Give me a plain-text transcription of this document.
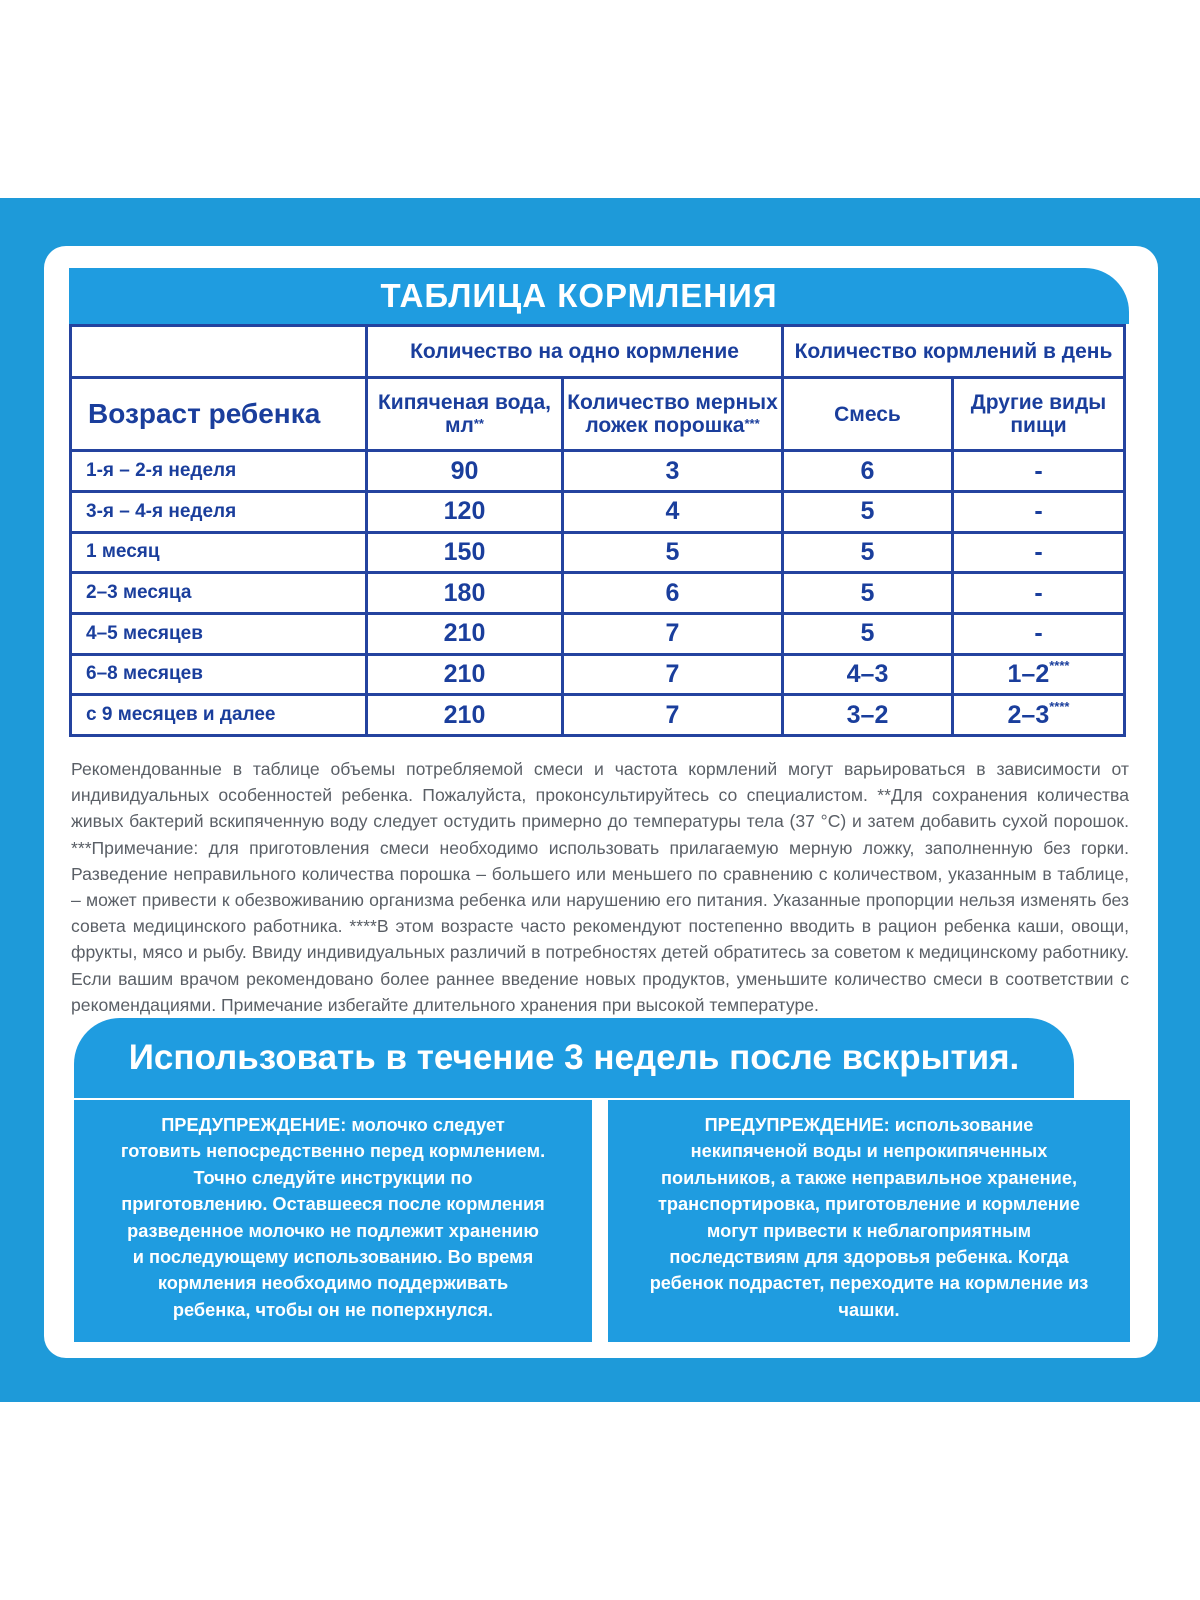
ТАБЛИЦА КОРМЛЕНИЯ
	Количество на одно кормление		Количество кормлений в день	
Возраст ребенка	Кипяченая вода, мл**	Количество мерных ложек порошка***	Смесь	Другие виды пищи
1-я – 2-я неделя	90	3	6	-
3-я – 4-я неделя	120	4	5	-
1 месяц	150	5	5	-
2–3 месяца	180	6	5	-
4–5 месяцев	210	7	5	-
6–8 месяцев	210	7	4–3	1–2****
с 9 месяцев и далее	210	7	3–2	2–3****
Рекомендованные в таблице объемы потребляемой смеси и частота кормлений могут варьироваться в зависимости от индивидуальных особенностей ребенка. Пожалуйста, проконсультируйтесь со специалистом. **Для сохранения количества живых бактерий вскипяченную воду следует остудить примерно до температуры тела (37 °С) и затем добавить сухой порошок. ***Примечание: для приготовления смеси необходимо использовать прилагаемую мерную ложку, заполненную без горки. Разведение неправильного количества порошка – большего или меньшего по сравнению с количеством, указанным в таблице, – может привести к обезвоживанию организма ребенка или нарушению его питания. Указанные пропорции нельзя изменять без совета медицинского работника. ****В этом возрасте часто рекомендуют постепенно вводить в рацион ребенка каши, овощи, фрукты, мясо и рыбу. Ввиду индивидуальных различий в потребностях детей обратитесь за советом к медицинскому работнику. Если вашим врачом рекомендовано более раннее введение новых продуктов, уменьшите количество смеси в соответствии с рекомендациями. Примечание избегайте длительного хранения при высокой температуре.
Использовать в течение 3 недель после вскрытия.
ПРЕДУПРЕЖДЕНИЕ: молочко следует готовить непосредственно перед кормлением. Точно следуйте инструкции по приготовлению. Оставшееся после кормления разведенное молочко не подлежит хранению и последующему использованию. Во время кормления необходимо поддерживать ребенка, чтобы он не поперхнулся.
ПРЕДУПРЕЖДЕНИЕ: использование некипяченой воды и непрокипяченных поильников, а также неправильное хранение, транспортировка, приготовление и кормление могут привести к неблагоприятным последствиям для здоровья ребенка. Когда ребенок подрастет, переходите на кормление из чашки.
